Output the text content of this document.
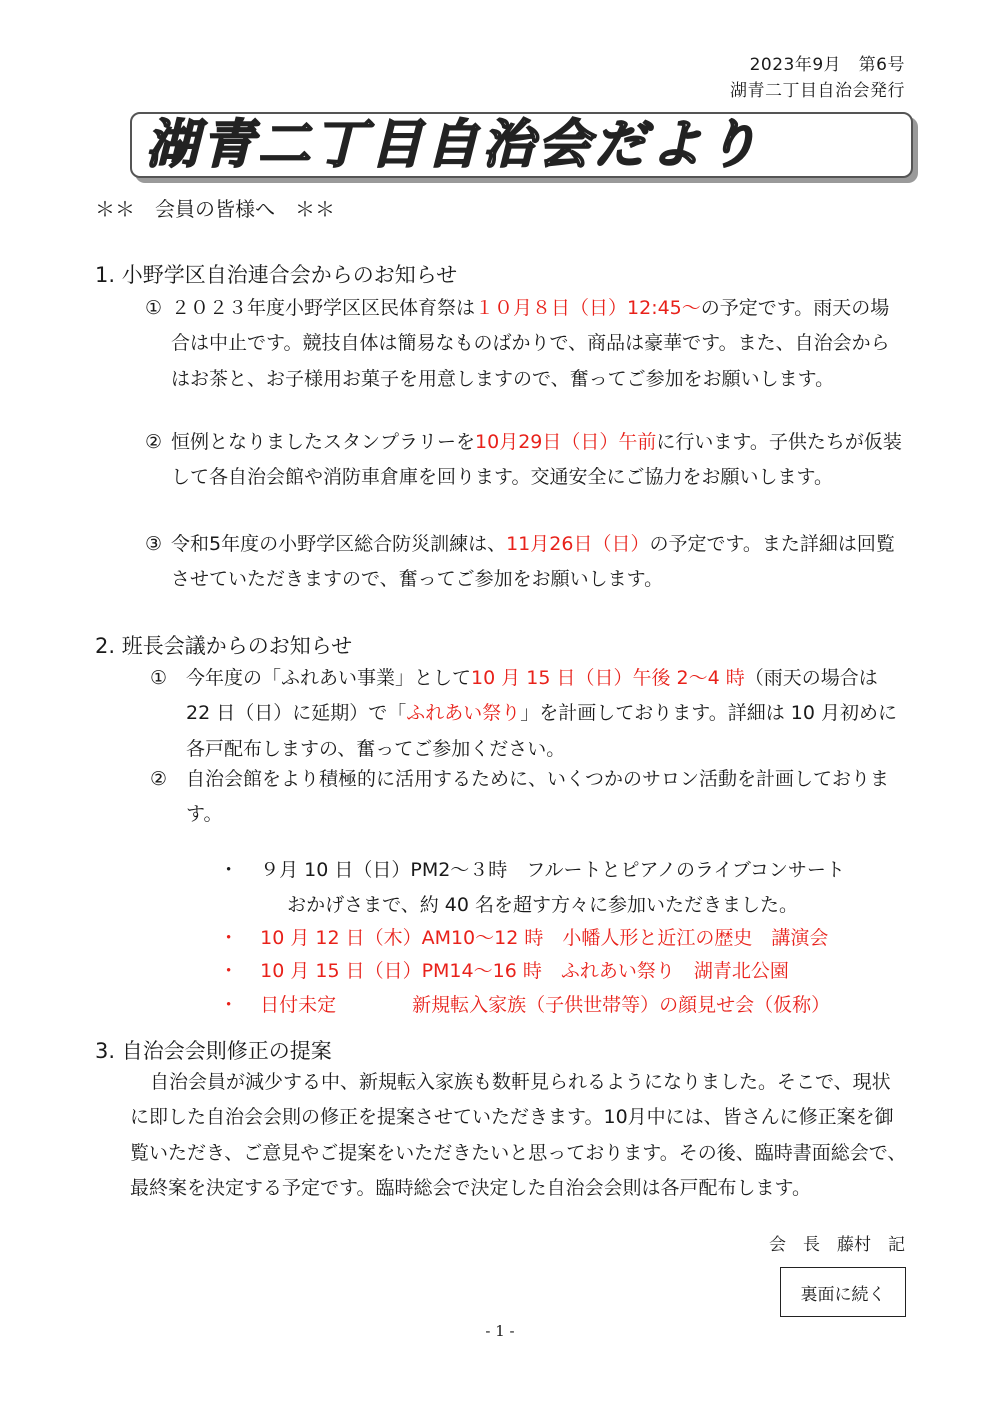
2023年9月　第6号
湖青二丁目自治会発行
湖青二丁目自治会だより
＊＊　会員の皆様へ　＊＊
1. 小野学区自治連合会からのお知らせ
① ２０２３年度小野学区区民体育祭は１０月８日（日）12:45～の予定です。雨天の場合は中止です。競技自体は簡易なものばかりで、商品は豪華です。また、自治会からはお茶と、お子様用お菓子を用意しますので、奮ってご参加をお願いします。
② 恒例となりましたスタンプラリーを10月29日（日）午前に行います。子供たちが仮装して各自治会館や消防車倉庫を回ります。交通安全にご協力をお願いします。
③ 令和5年度の小野学区総合防災訓練は、11月26日（日）の予定です。また詳細は回覧させていただきますので、奮ってご参加をお願いします。
2. 班長会議からのお知らせ
① 今年度の「ふれあい事業」として10 月 15 日（日）午後 2～4 時（雨天の場合は 22 日（日）に延期）で「ふれあい祭り」を計画しております。詳細は 10 月初めに各戸配布しますの、奮ってご参加ください。
② 自治会館をより積極的に活用するために、いくつかのサロン活動を計画しております。

・ ９月 10 日（日）PM2～３時　フルートとピアノのライブコンサート

おかげさまで、約 40 名を超す方々に参加いただきました。

・ 10 月 12 日（木）AM10～12 時　小幡人形と近江の歴史　講演会

・ 10 月 15 日（日）PM14～16 時　ふれあい祭り　湖青北公園

・ 日付未定　　　　新規転入家族（子供世帯等）の顔見せ会（仮称）

3. 自治会会則修正の提案
自治会員が減少する中、新規転入家族も数軒見られるようになりました。そこで、現状に即した自治会会則の修正を提案させていただきます。10月中には、皆さんに修正案を御覧いただき、ご意見やご提案をいただきたいと思っております。その後、臨時書面総会で、最終案を決定する予定です。臨時総会で決定した自治会会則は各戸配布します。
会　長　藤村　記
裏面に続く
- 1 -
